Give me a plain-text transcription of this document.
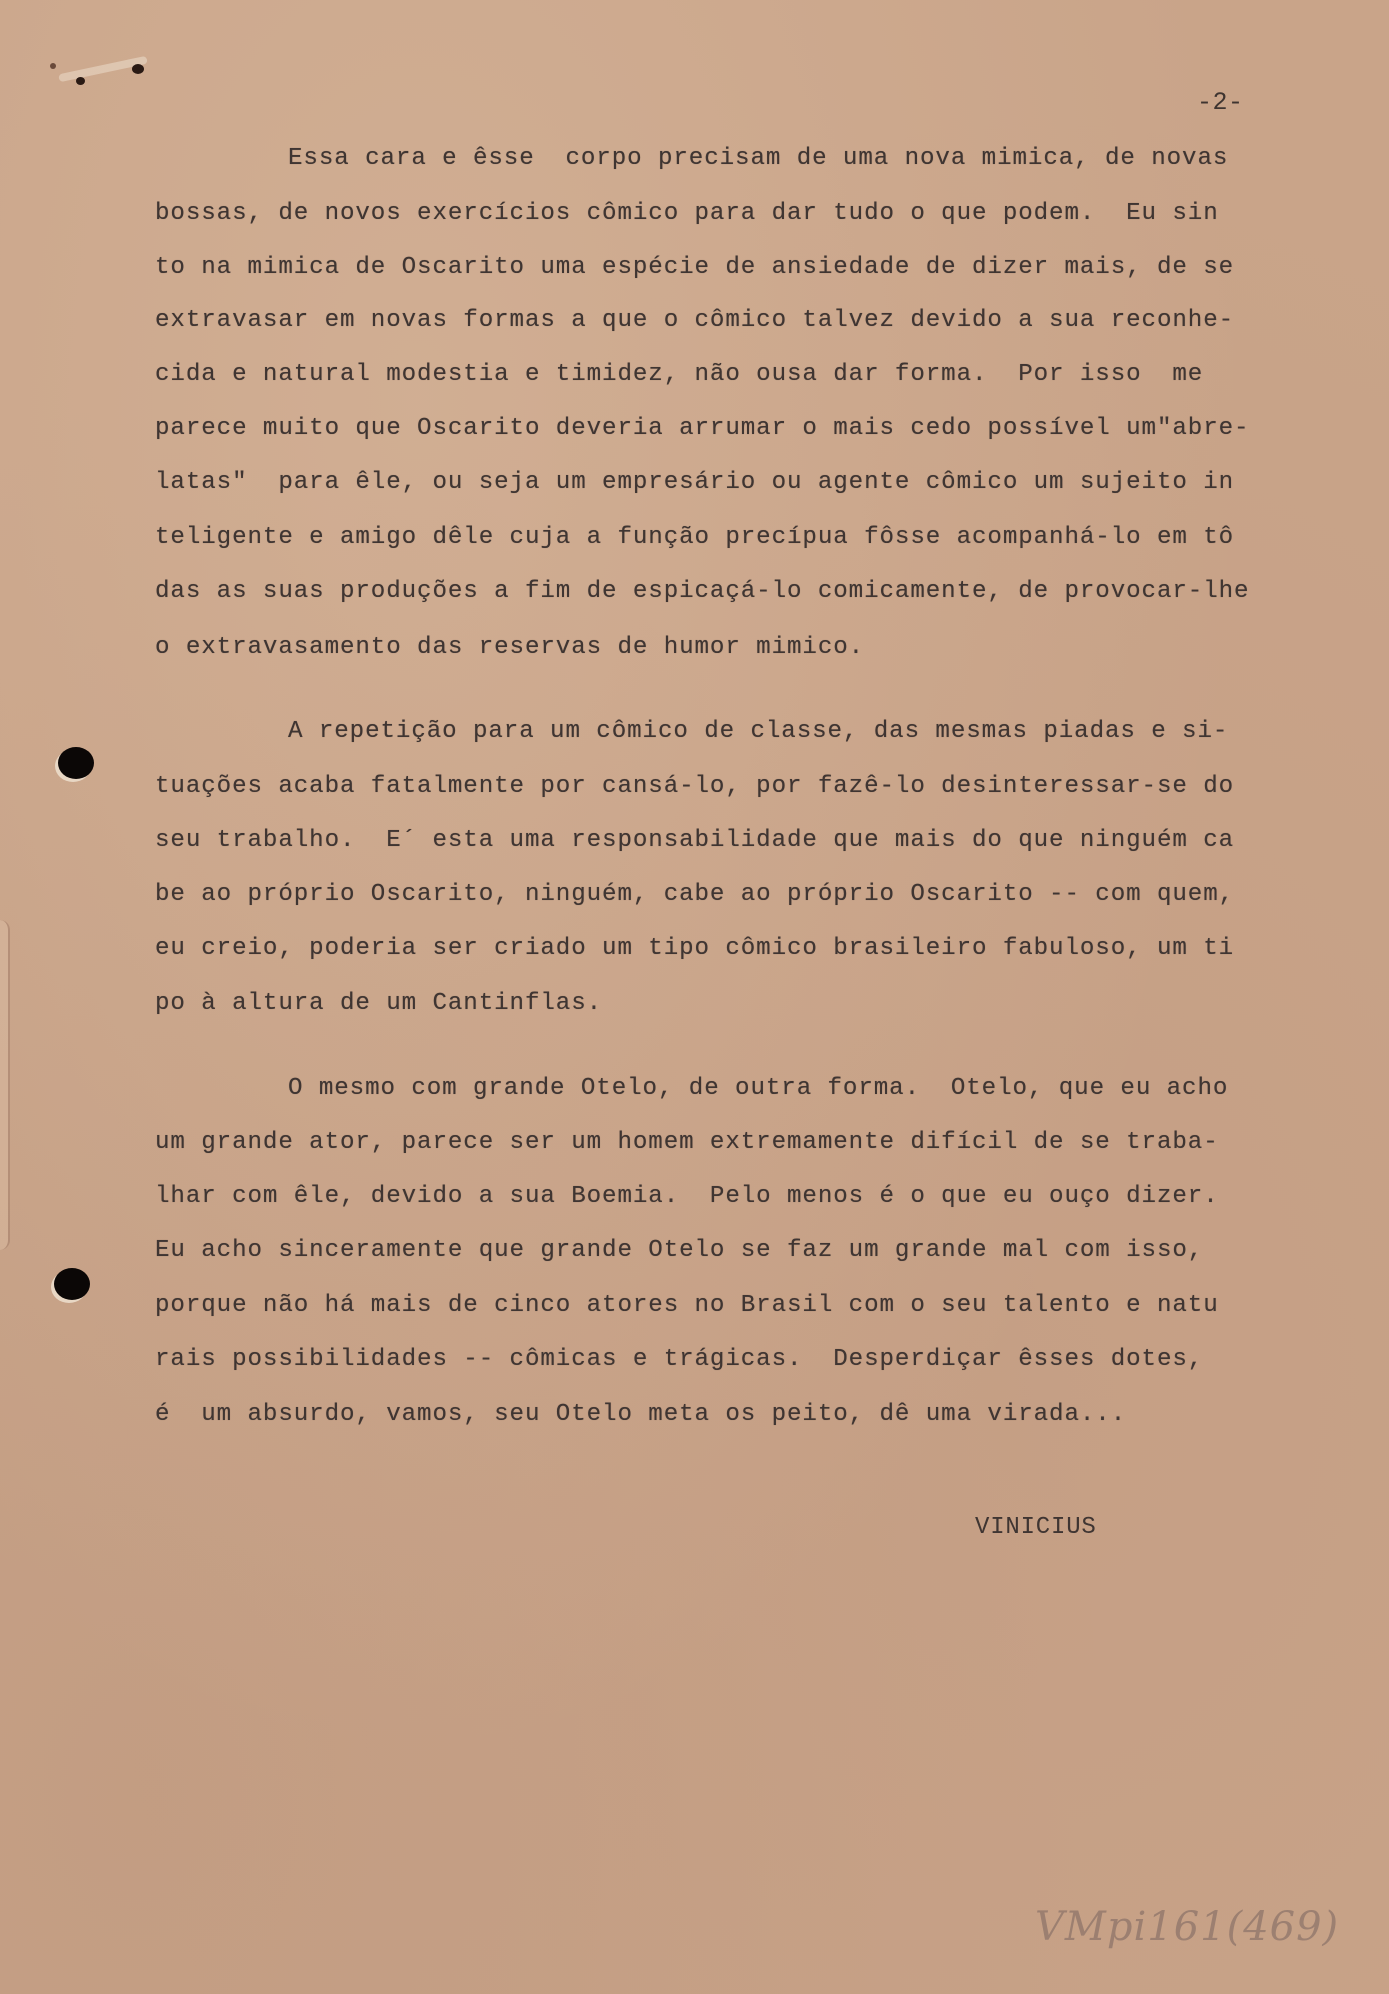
-2-
Essa cara e êsse  corpo precisam de uma nova mimica, de novas
bossas, de novos exercícios cômico para dar tudo o que podem.  Eu sin
to na mimica de Oscarito uma espécie de ansiedade de dizer mais, de se
extravasar em novas formas a que o cômico talvez devido a sua reconhe-
cida e natural modestia e timidez, não ousa dar forma.  Por isso  me
parece muito que Oscarito deveria arrumar o mais cedo possível um"abre-
latas"  para êle, ou seja um empresário ou agente cômico um sujeito in
teligente e amigo dêle cuja a função precípua fôsse acompanhá-lo em tô
das as suas produções a fim de espicaçá-lo comicamente, de provocar-lhe
o extravasamento das reservas de humor mimico.
A repetição para um cômico de classe, das mesmas piadas e si-
tuações acaba fatalmente por cansá-lo, por fazê-lo desinteressar-se do
seu trabalho.  E´ esta uma responsabilidade que mais do que ninguém ca
be ao próprio Oscarito, ninguém, cabe ao próprio Oscarito -- com quem,
eu creio, poderia ser criado um tipo cômico brasileiro fabuloso, um ti
po à altura de um Cantinflas.
O mesmo com grande Otelo, de outra forma.  Otelo, que eu acho
um grande ator, parece ser um homem extremamente difícil de se traba-
lhar com êle, devido a sua Boemia.  Pelo menos é o que eu ouço dizer.
Eu acho sinceramente que grande Otelo se faz um grande mal com isso,
porque não há mais de cinco atores no Brasil com o seu talento e natu
rais possibilidades -- cômicas e trágicas.  Desperdiçar êsses dotes,
é  um absurdo, vamos, seu Otelo meta os peito, dê uma virada...
VINICIUS
VMpi161(469)
